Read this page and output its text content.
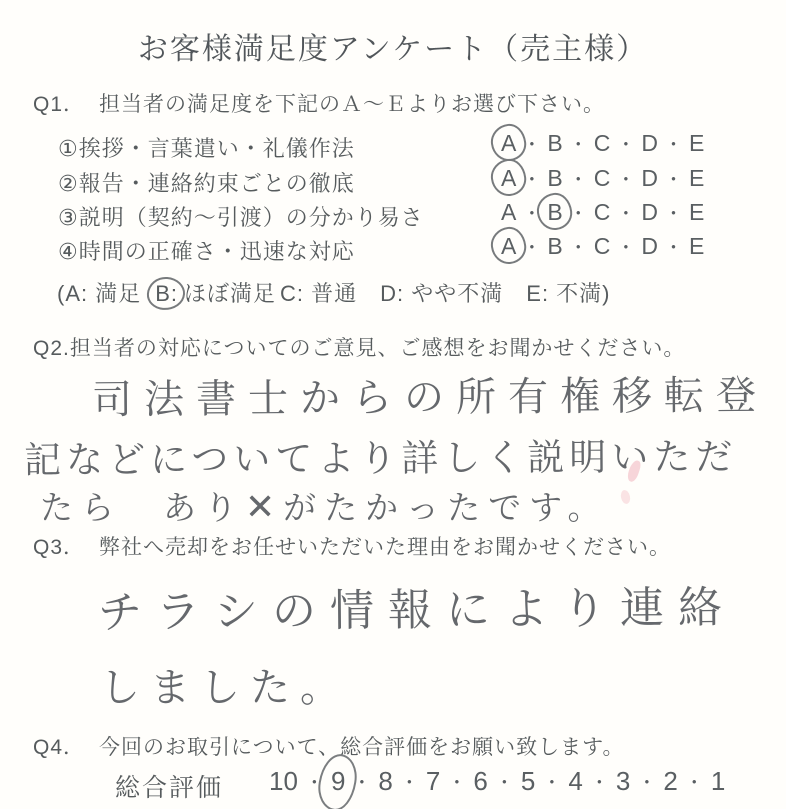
お客様満足度アンケート（売主様）
Q1． 担当者の満足度を下記のＡ～Ｅよりお選び下さい。
①挨拶・言葉遣い・礼儀作法	A ・ B ・ C ・ D ・ E
②報告・連絡約束ごとの徹底	A ・ B ・ C ・ D ・ E
③説明（契約～引渡）の分かり易さ	A ・ B ・ C ・ D ・ E
④時間の正確さ・迅速な対応	A ・ B ・ C ・ D ・ E
(A: 満足 B: ほぼ満足 C: 普通　D: やや不満　E: 不満)
Q2.担当者の対応についてのご意見、ご感想をお聞かせください。
司法書士からの所有権移転登
記などについてより詳しく説明いただ
たら　あり✕がたかったです。
Q3． 弊社へ売却をお任せいただいた理由をお聞かせください。
チラシの情報により連絡
しました。
Q4． 今回のお取引について、総合評価をお願い致します。
総合評価 10 ・ 9 ・ 8 ・ 7 ・ 6 ・ 5 ・ 4 ・ 3 ・ 2 ・ 1
